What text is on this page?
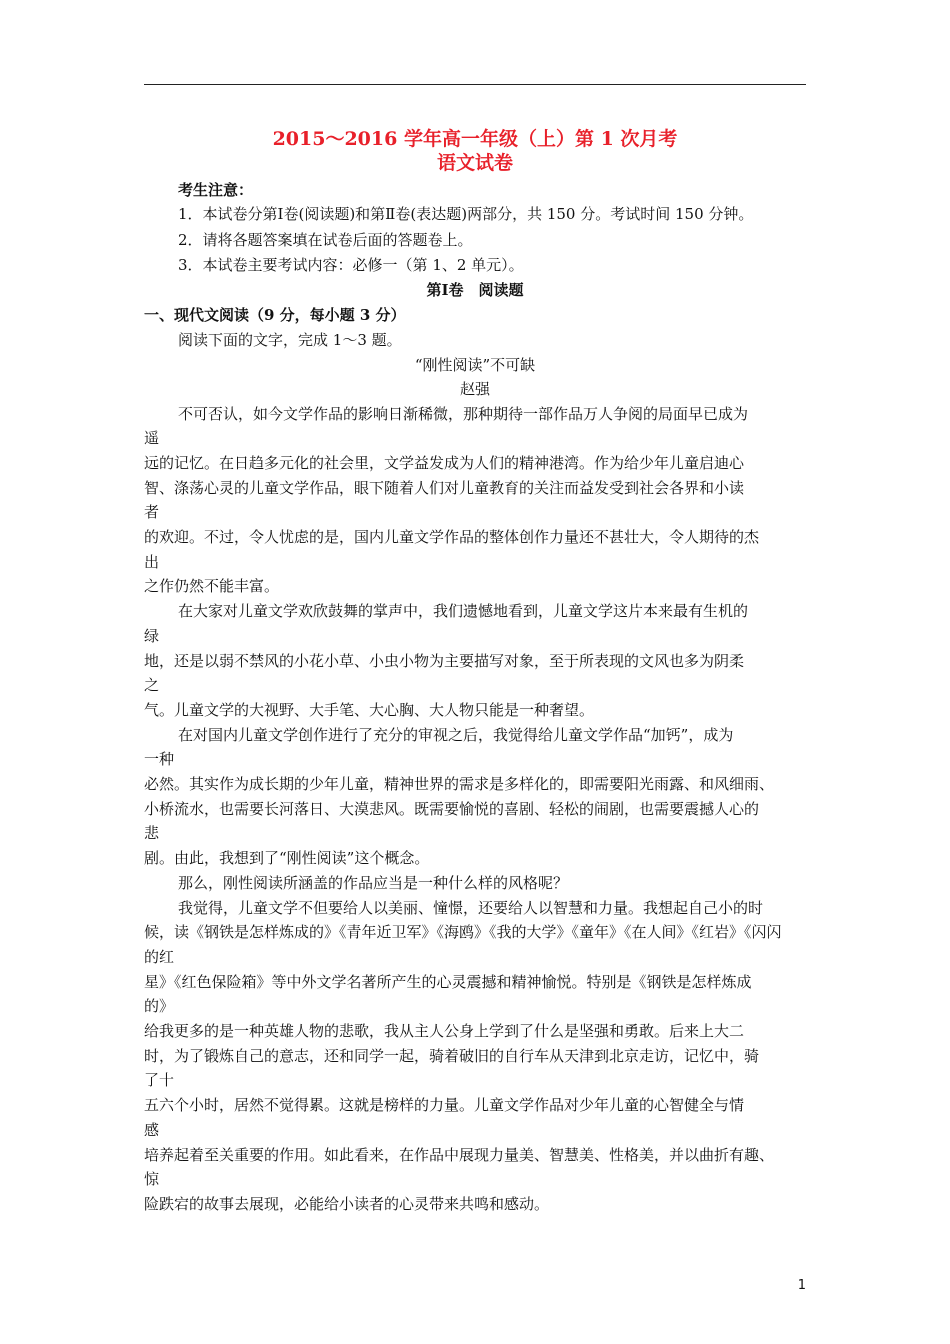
2015～2016 学年高一年级（上）第 1 次月考
语文试卷

考生注意：

1．本试卷分第Ⅰ卷(阅读题)和第Ⅱ卷(表达题)两部分，共 150 分。考试时间 150 分钟。

2．请将各题答案填在试卷后面的答题卷上。

3．本试卷主要考试内容：必修一（第 1、2 单元）。

第Ⅰ卷　阅读题

一、现代文阅读（9 分，每小题 3 分）

阅读下面的文字，完成 1～3 题。

“刚性阅读”不可缺

赵强

不可否认，如今文学作品的影响日渐稀微，那种期待一部作品万人争阅的局面早已成为

遥

远的记忆。在日趋多元化的社会里，文学益发成为人们的精神港湾。作为给少年儿童启迪心

智、涤荡心灵的儿童文学作品，眼下随着人们对儿童教育的关注而益发受到社会各界和小读

者

的欢迎。不过，令人忧虑的是，国内儿童文学作品的整体创作力量还不甚壮大，令人期待的杰

出

之作仍然不能丰富。

在大家对儿童文学欢欣鼓舞的掌声中，我们遗憾地看到，儿童文学这片本来最有生机的

绿

地，还是以弱不禁风的小花小草、小虫小物为主要描写对象，至于所表现的文风也多为阴柔

之

气。儿童文学的大视野、大手笔、大心胸、大人物只能是一种奢望。

在对国内儿童文学创作进行了充分的审视之后，我觉得给儿童文学作品“加钙”，成为

一种

必然。其实作为成长期的少年儿童，精神世界的需求是多样化的，即需要阳光雨露、和风细雨、

小桥流水，也需要长河落日、大漠悲风。既需要愉悦的喜剧、轻松的闹剧，也需要震撼人心的

悲

剧。由此，我想到了“刚性阅读”这个概念。

那么，刚性阅读所涵盖的作品应当是一种什么样的风格呢？

我觉得，儿童文学不但要给人以美丽、憧憬，还要给人以智慧和力量。我想起自己小的时

候，读《钢铁是怎样炼成的》《青年近卫军》《海鸥》《我的大学》《童年》《在人间》《红岩》《闪闪

的红

星》《红色保险箱》等中外文学名著所产生的心灵震撼和精神愉悦。特别是《钢铁是怎样炼成

的》

给我更多的是一种英雄人物的悲歌，我从主人公身上学到了什么是坚强和勇敢。后来上大二

时，为了锻炼自己的意志，还和同学一起，骑着破旧的自行车从天津到北京走访，记忆中，骑

了十

五六个小时，居然不觉得累。这就是榜样的力量。儿童文学作品对少年儿童的心智健全与情

感

培养起着至关重要的作用。如此看来，在作品中展现力量美、智慧美、性格美，并以曲折有趣、

惊

险跌宕的故事去展现，必能给小读者的心灵带来共鸣和感动。

1
